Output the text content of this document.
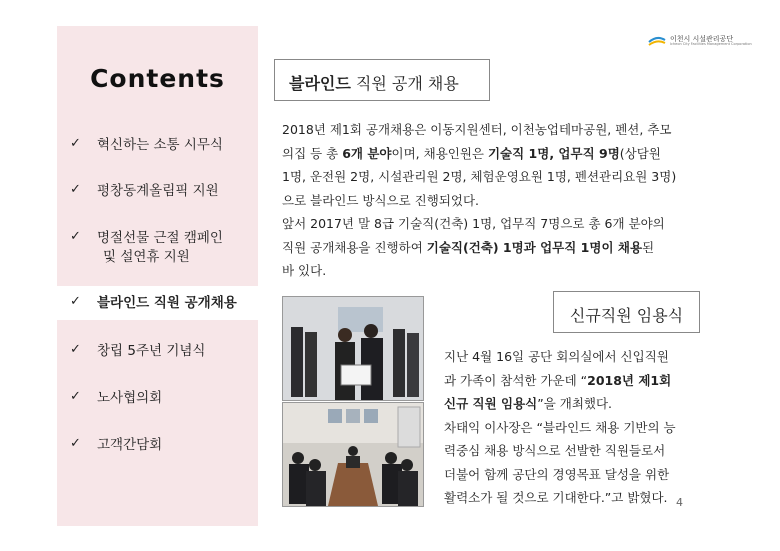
Contents
✓ 혁신하는 소통 시무식
✓ 평창동계올림픽 지원
✓ 명절선물 근절 캠페인
및 설연휴 지원
✓ 블라인드 직원 공개채용
✓ 창립 5주년 기념식
✓ 노사협의회
✓ 고객간담회
이천시 시설관리공단
Icheon City Facilities Management Corporation
블라인드 직원 공개 채용
2018년 제1회 공개채용은 이동지원센터, 이천농업테마공원, 펜션, 추모
의집 등 총 6개 분야이며, 채용인원은 기술직 1명, 업무직 9명(상담원
1명, 운전원 2명, 시설관리원 2명, 체험운영요원 1명, 펜션관리요원 3명)
으로 블라인드 방식으로 진행되었다.
앞서 2017년 말 8급 기술직(건축) 1명, 업무직 7명으로 총 6개 분야의
직원 공개채용을 진행하여 기술직(건축) 1명과 업무직 1명이 채용된
바 있다.
신규직원 임용식
지난 4월 16일 공단 회의실에서 신입직원
과 가족이 참석한 가운데 “2018년 제1회
신규 직원 임용식”을 개최했다.
차태익 이사장은 “블라인드 채용 기반의 능
력중심 채용 방식으로 선발한 직원들로서
더불어 함께 공단의 경영목표 달성을 위한
활력소가 될 것으로 기대한다.”고 밝혔다. 4
